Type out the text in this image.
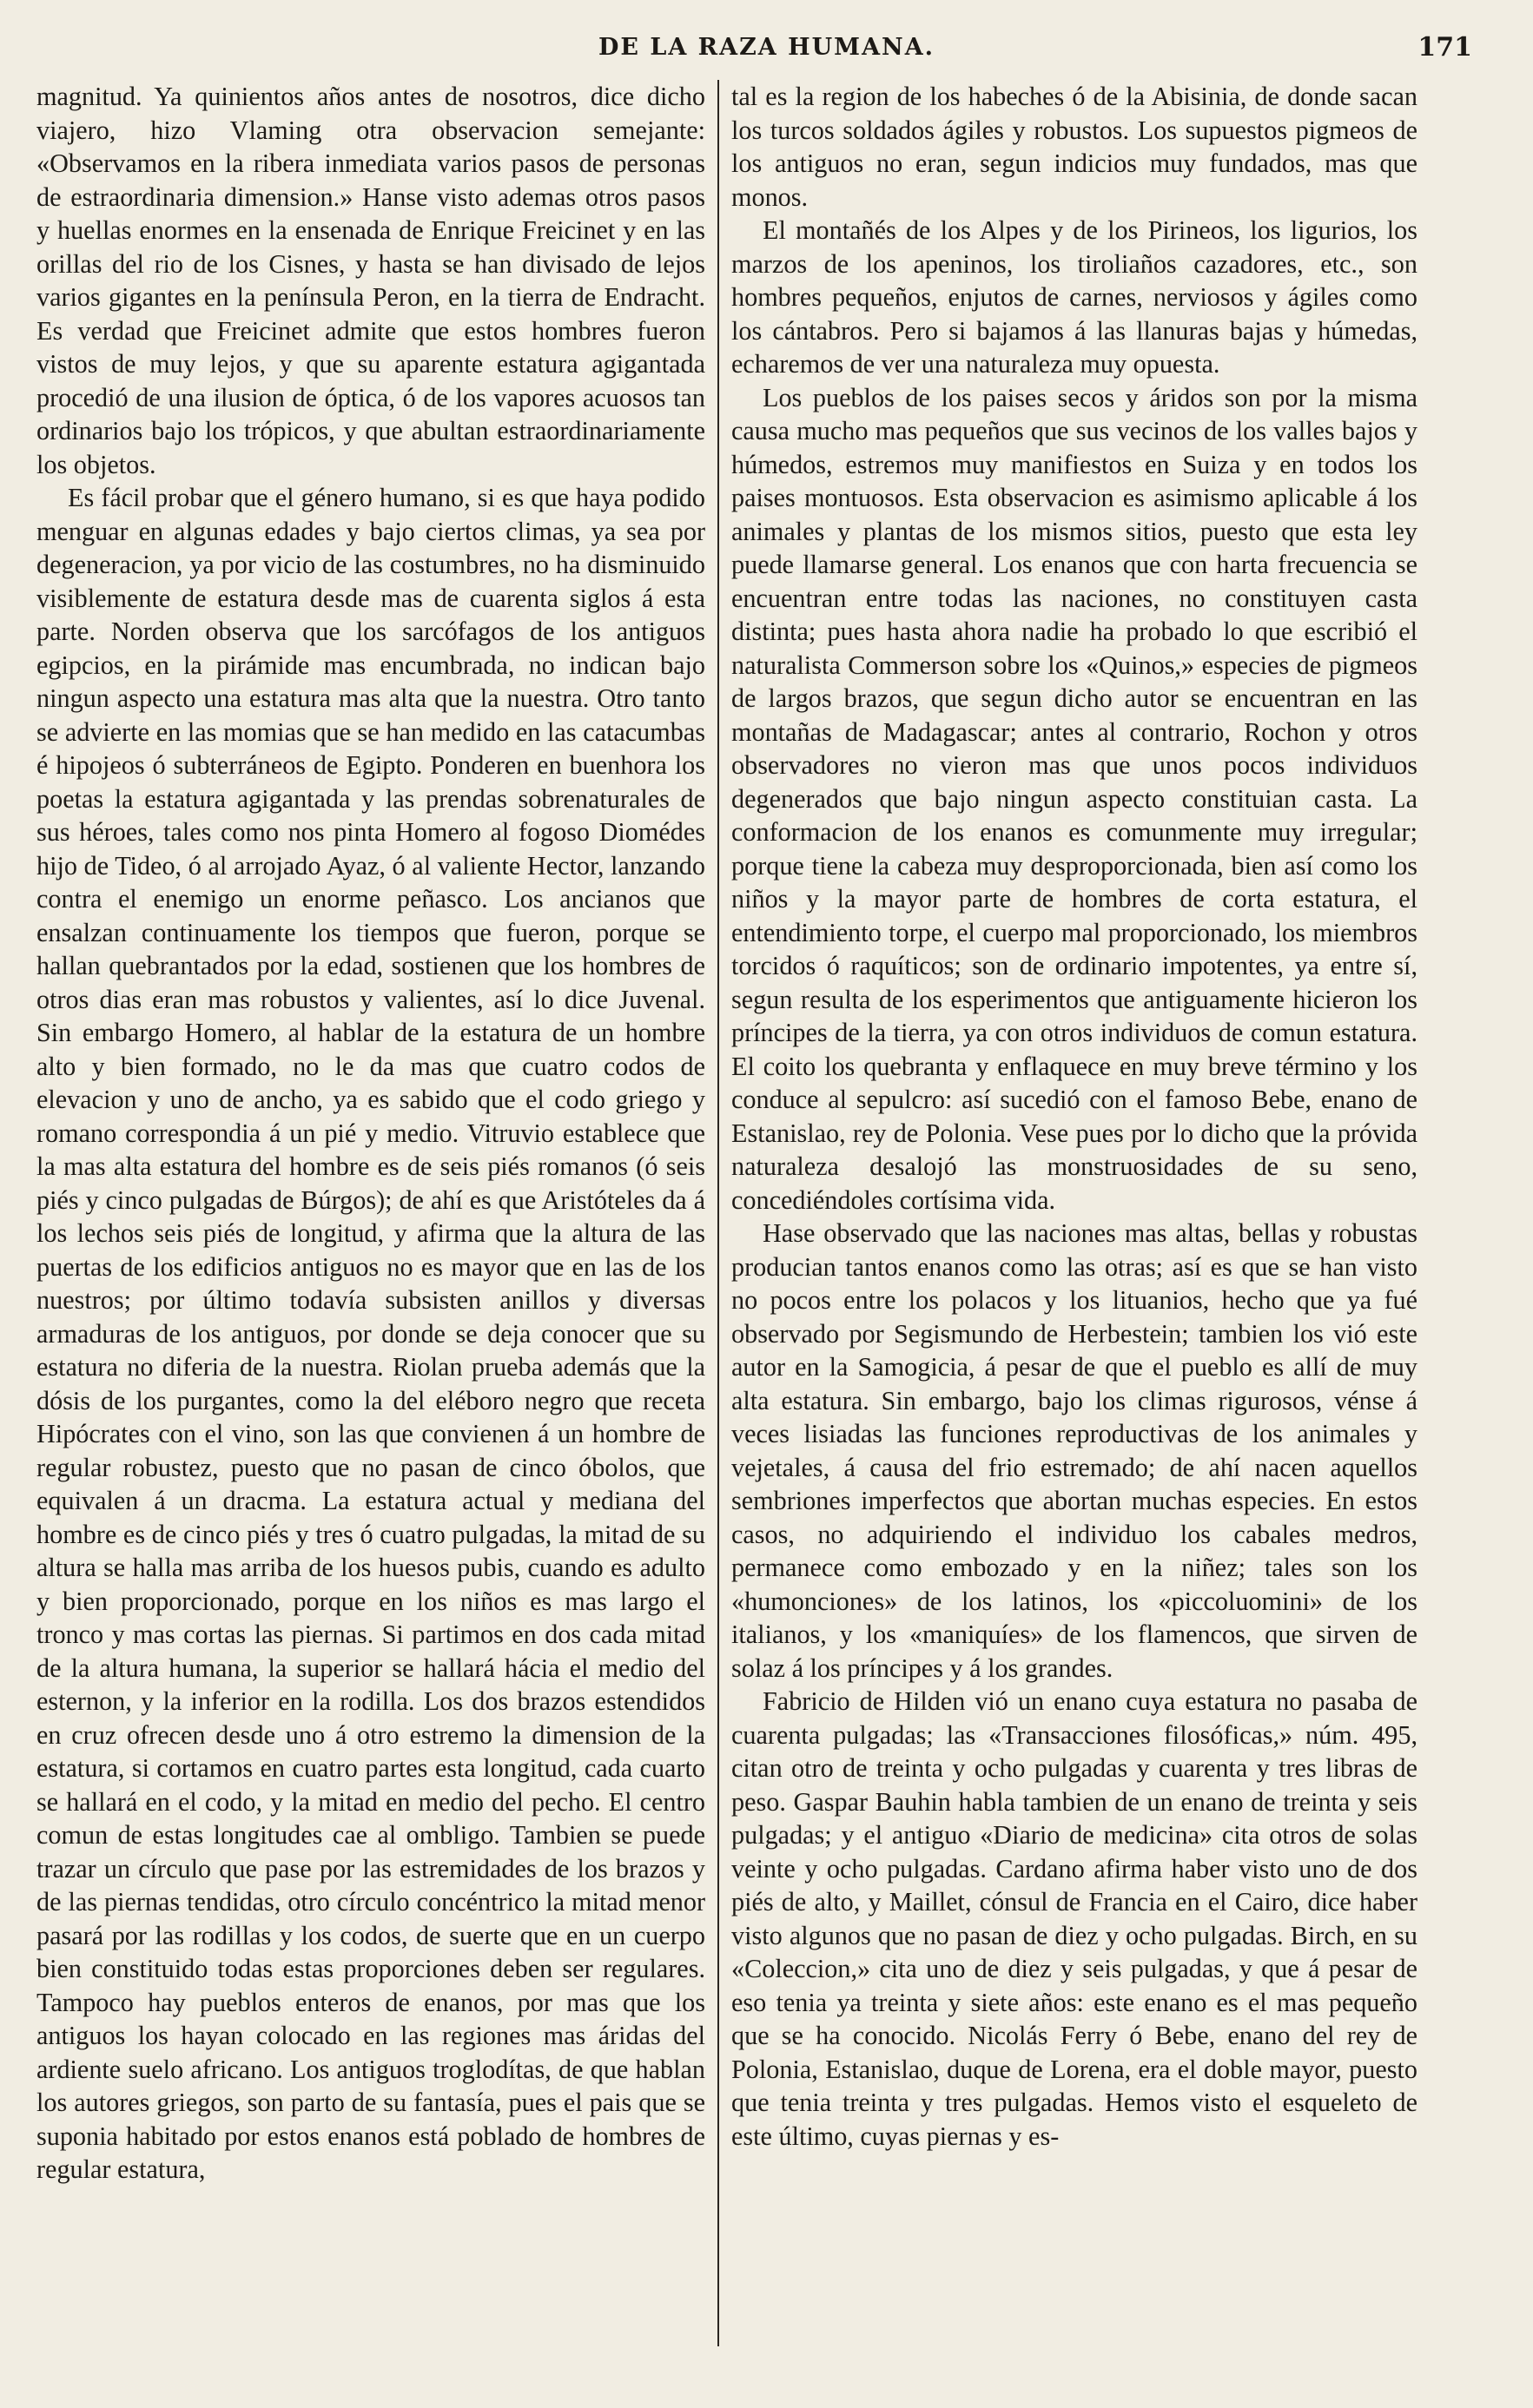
DE LA RAZA HUMANA.	171

magnitud. Ya quinientos años antes de nosotros, dice dicho viajero, hizo Vlaming otra observacion semejante: «Observamos en la ribera inmediata varios pasos de personas de estraordinaria dimension.» Hanse visto ademas otros pasos y huellas enormes en la ensenada de Enrique Freicinet y en las orillas del rio de los Cisnes, y hasta se han divisado de lejos varios gigantes en la península Peron, en la tierra de Endracht. Es verdad que Freicinet admite que estos hombres fueron vistos de muy lejos, y que su aparente estatura agigantada procedió de una ilusion de óptica, ó de los vapores acuosos tan ordinarios bajo los trópicos, y que abultan estraordinariamente los objetos.

Es fácil probar que el género humano, si es que haya podido menguar en algunas edades y bajo ciertos climas, ya sea por degeneracion, ya por vicio de las costumbres, no ha disminuido visiblemente de estatura desde mas de cuarenta siglos á esta parte. Norden observa que los sarcófagos de los antiguos egipcios, en la pirámide mas encumbrada, no indican bajo ningun aspecto una estatura mas alta que la nuestra. Otro tanto se advierte en las momias que se han medido en las catacumbas é hipojeos ó subterráneos de Egipto. Ponderen en buenhora los poetas la estatura agigantada y las prendas sobrenaturales de sus héroes, tales como nos pinta Homero al fogoso Diomédes hijo de Tideo, ó al arrojado Ayaz, ó al valiente Hector, lanzando contra el enemigo un enorme peñasco. Los ancianos que ensalzan continuamente los tiempos que fueron, porque se hallan quebrantados por la edad, sostienen que los hombres de otros dias eran mas robustos y valientes, así lo dice Juvenal. Sin embargo Homero, al hablar de la estatura de un hombre alto y bien formado, no le da mas que cuatro codos de elevacion y uno de ancho, ya es sabido que el codo griego y romano correspondia á un pié y medio. Vitruvio establece que la mas alta estatura del hombre es de seis piés romanos (ó seis piés y cinco pulgadas de Búrgos); de ahí es que Aristóteles da á los lechos seis piés de longitud, y afirma que la altura de las puertas de los edificios antiguos no es mayor que en las de los nuestros; por último todavía subsisten anillos y diversas armaduras de los antiguos, por donde se deja conocer que su estatura no diferia de la nuestra. Riolan prueba además que la dósis de los purgantes, como la del eléboro negro que receta Hipócrates con el vino, son las que convienen á un hombre de regular robustez, puesto que no pasan de cinco óbolos, que equivalen á un dracma. La estatura actual y mediana del hombre es de cinco piés y tres ó cuatro pulgadas, la mitad de su altura se halla mas arriba de los huesos pubis, cuando es adulto y bien proporcionado, porque en los niños es mas largo el tronco y mas cortas las piernas. Si partimos en dos cada mitad de la altura humana, la superior se hallará hácia el medio del esternon, y la inferior en la rodilla. Los dos brazos estendidos en cruz ofrecen desde uno á otro estremo la dimension de la estatura, si cortamos en cuatro partes esta longitud, cada cuarto se hallará en el codo, y la mitad en medio del pecho. El centro comun de estas longitudes cae al ombligo. Tambien se puede trazar un círculo que pase por las estremidades de los brazos y de las piernas tendidas, otro círculo concéntrico la mitad menor pasará por las rodillas y los codos, de suerte que en un cuerpo bien constituido todas estas proporciones deben ser regulares. Tampoco hay pueblos enteros de enanos, por mas que los antiguos los hayan colocado en las regiones mas áridas del ardiente suelo africano. Los antiguos troglodítas, de que hablan los autores griegos, son parto de su fantasía, pues el pais que se suponia habitado por estos enanos está poblado de hombres de regular estatura,

tal es la region de los habeches ó de la Abisinia, de donde sacan los turcos soldados ágiles y robustos. Los supuestos pigmeos de los antiguos no eran, segun indicios muy fundados, mas que monos.

El montañés de los Alpes y de los Pirineos, los ligurios, los marzos de los apeninos, los tiroliaños cazadores, etc., son hombres pequeños, enjutos de carnes, nerviosos y ágiles como los cántabros. Pero si bajamos á las llanuras bajas y húmedas, echaremos de ver una naturaleza muy opuesta.

Los pueblos de los paises secos y áridos son por la misma causa mucho mas pequeños que sus vecinos de los valles bajos y húmedos, estremos muy manifiestos en Suiza y en todos los paises montuosos. Esta observacion es asimismo aplicable á los animales y plantas de los mismos sitios, puesto que esta ley puede llamarse general. Los enanos que con harta frecuencia se encuentran entre todas las naciones, no constituyen casta distinta; pues hasta ahora nadie ha probado lo que escribió el naturalista Commerson sobre los «Quinos,» especies de pigmeos de largos brazos, que segun dicho autor se encuentran en las montañas de Madagascar; antes al contrario, Rochon y otros observadores no vieron mas que unos pocos individuos degenerados que bajo ningun aspecto constituian casta. La conformacion de los enanos es comunmente muy irregular; porque tiene la cabeza muy desproporcionada, bien así como los niños y la mayor parte de hombres de corta estatura, el entendimiento torpe, el cuerpo mal proporcionado, los miembros torcidos ó raquíticos; son de ordinario impotentes, ya entre sí, segun resulta de los esperimentos que antiguamente hicieron los príncipes de la tierra, ya con otros individuos de comun estatura. El coito los quebranta y enflaquece en muy breve término y los conduce al sepulcro: así sucedió con el famoso Bebe, enano de Estanislao, rey de Polonia. Vese pues por lo dicho que la próvida naturaleza desalojó las monstruosidades de su seno, concediéndoles cortísima vida.

Hase observado que las naciones mas altas, bellas y robustas producian tantos enanos como las otras; así es que se han visto no pocos entre los polacos y los lituanios, hecho que ya fué observado por Segismundo de Herbestein; tambien los vió este autor en la Samogicia, á pesar de que el pueblo es allí de muy alta estatura. Sin embargo, bajo los climas rigurosos, vénse á veces lisiadas las funciones reproductivas de los animales y vejetales, á causa del frio estremado; de ahí nacen aquellos sembriones imperfectos que abortan muchas especies. En estos casos, no adquiriendo el individuo los cabales medros, permanece como embozado y en la niñez; tales son los «humonciones» de los latinos, los «piccoluomini» de los italianos, y los «maniquíes» de los flamencos, que sirven de solaz á los príncipes y á los grandes.

Fabricio de Hilden vió un enano cuya estatura no pasaba de cuarenta pulgadas; las «Transacciones filosóficas,» núm. 495, citan otro de treinta y ocho pulgadas y cuarenta y tres libras de peso. Gaspar Bauhin habla tambien de un enano de treinta y seis pulgadas; y el antiguo «Diario de medicina» cita otros de solas veinte y ocho pulgadas. Cardano afirma haber visto uno de dos piés de alto, y Maillet, cónsul de Francia en el Cairo, dice haber visto algunos que no pasan de diez y ocho pulgadas. Birch, en su «Coleccion,» cita uno de diez y seis pulgadas, y que á pesar de eso tenia ya treinta y siete años: este enano es el mas pequeño que se ha conocido. Nicolás Ferry ó Bebe, enano del rey de Polonia, Estanislao, duque de Lorena, era el doble mayor, puesto que tenia treinta y tres pulgadas. Hemos visto el esqueleto de este último, cuyas piernas y es-
